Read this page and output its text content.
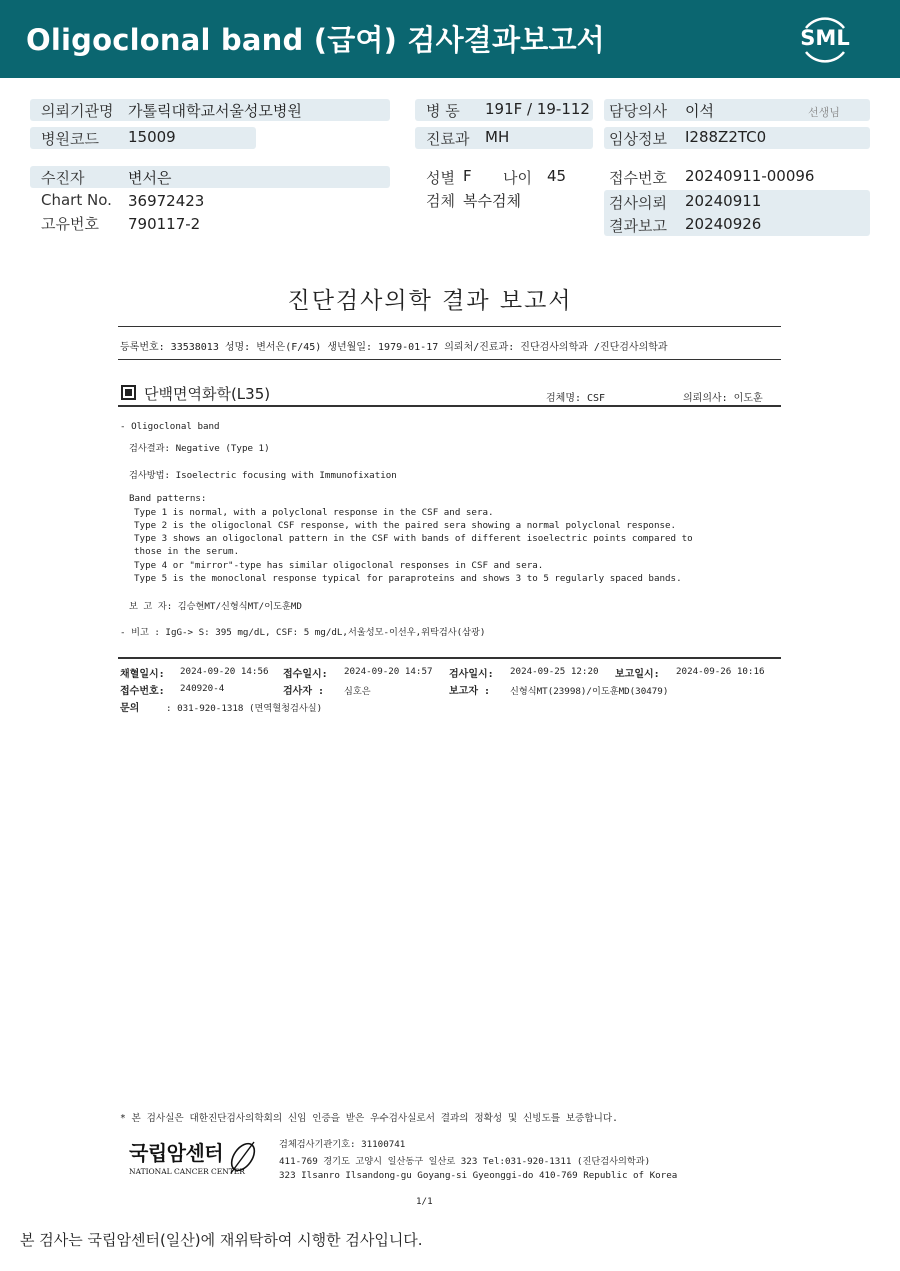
Oligoclonal band (급여) 검사결과보고서	SML
의뢰기관명 가톨릭대학교서울성모병원
병원코드 15009
병 동 191F / 19-112
진료과 MH
담당의사 이석	선생님
임상정보 I288Z2TC0
수진자	변서은
Chart No. 36972423
고유번호 790117-2
성별 F 나이 45
검체 복수검체
접수번호 20240911-00096
검사의뢰 20240911
결과보고 20240926
진단검사의학 결과 보고서
등록번호: 33538013 성명: 변서은(F/45) 생년월일: 1979-01-17 의뢰처/진료과: 진단검사의학과 /진단검사의학과
단백면역화학(L35)	검체명: CSF	의뢰의사: 이도훈
- Oligoclonal band
검사결과: Negative (Type 1)
검사방법: Isoelectric focusing with Immunofixation
Band patterns:
Type 1 is normal, with a polyclonal response in the CSF and sera.
Type 2 is the oligoclonal CSF response, with the paired sera showing a normal polyclonal response.
Type 3 shows an oligoclonal pattern in the CSF with bands of different isoelectric points compared to
those in the serum.
Type 4 or "mirror"-type has similar oligoclonal responses in CSF and sera.
Type 5 is the monoclonal response typical for paraproteins and shows 3 to 5 regularly spaced bands.
보 고 자: 김승현MT/신형식MT/이도훈MD
- 비고 : IgG-> S: 395 mg/dL, CSF: 5 mg/dL,서울성모-이선우,위탁검사(삼광)
채혈일시: 2024-09-20 14:56 접수일시: 2024-09-20 14:57 검사일시: 2024-09-25 12:20 보고일시: 2024-09-26 10:16
접수번호: 240920-4	검사자 : 심호은	보고자 : 신형식MT(23998)/이도훈MD(30479)
문의	: 031-920-1318 (면역혈청검사실)
* 본 검사실은 대한진단검사의학회의 신임 인증을 받은 우수검사실로서 결과의 정확성 및 신빙도를 보증합니다.
국립암센터
NATIONAL CANCER CENTER
검체검사기관기호: 31100741
411-769 경기도 고양시 일산동구 일산로 323 Tel:031-920-1311 (진단검사의학과)
323 Ilsanro Ilsandong-gu Goyang-si Gyeonggi-do 410-769 Republic of Korea
1/1
본 검사는 국립암센터(일산)에 재위탁하여 시행한 검사입니다.
